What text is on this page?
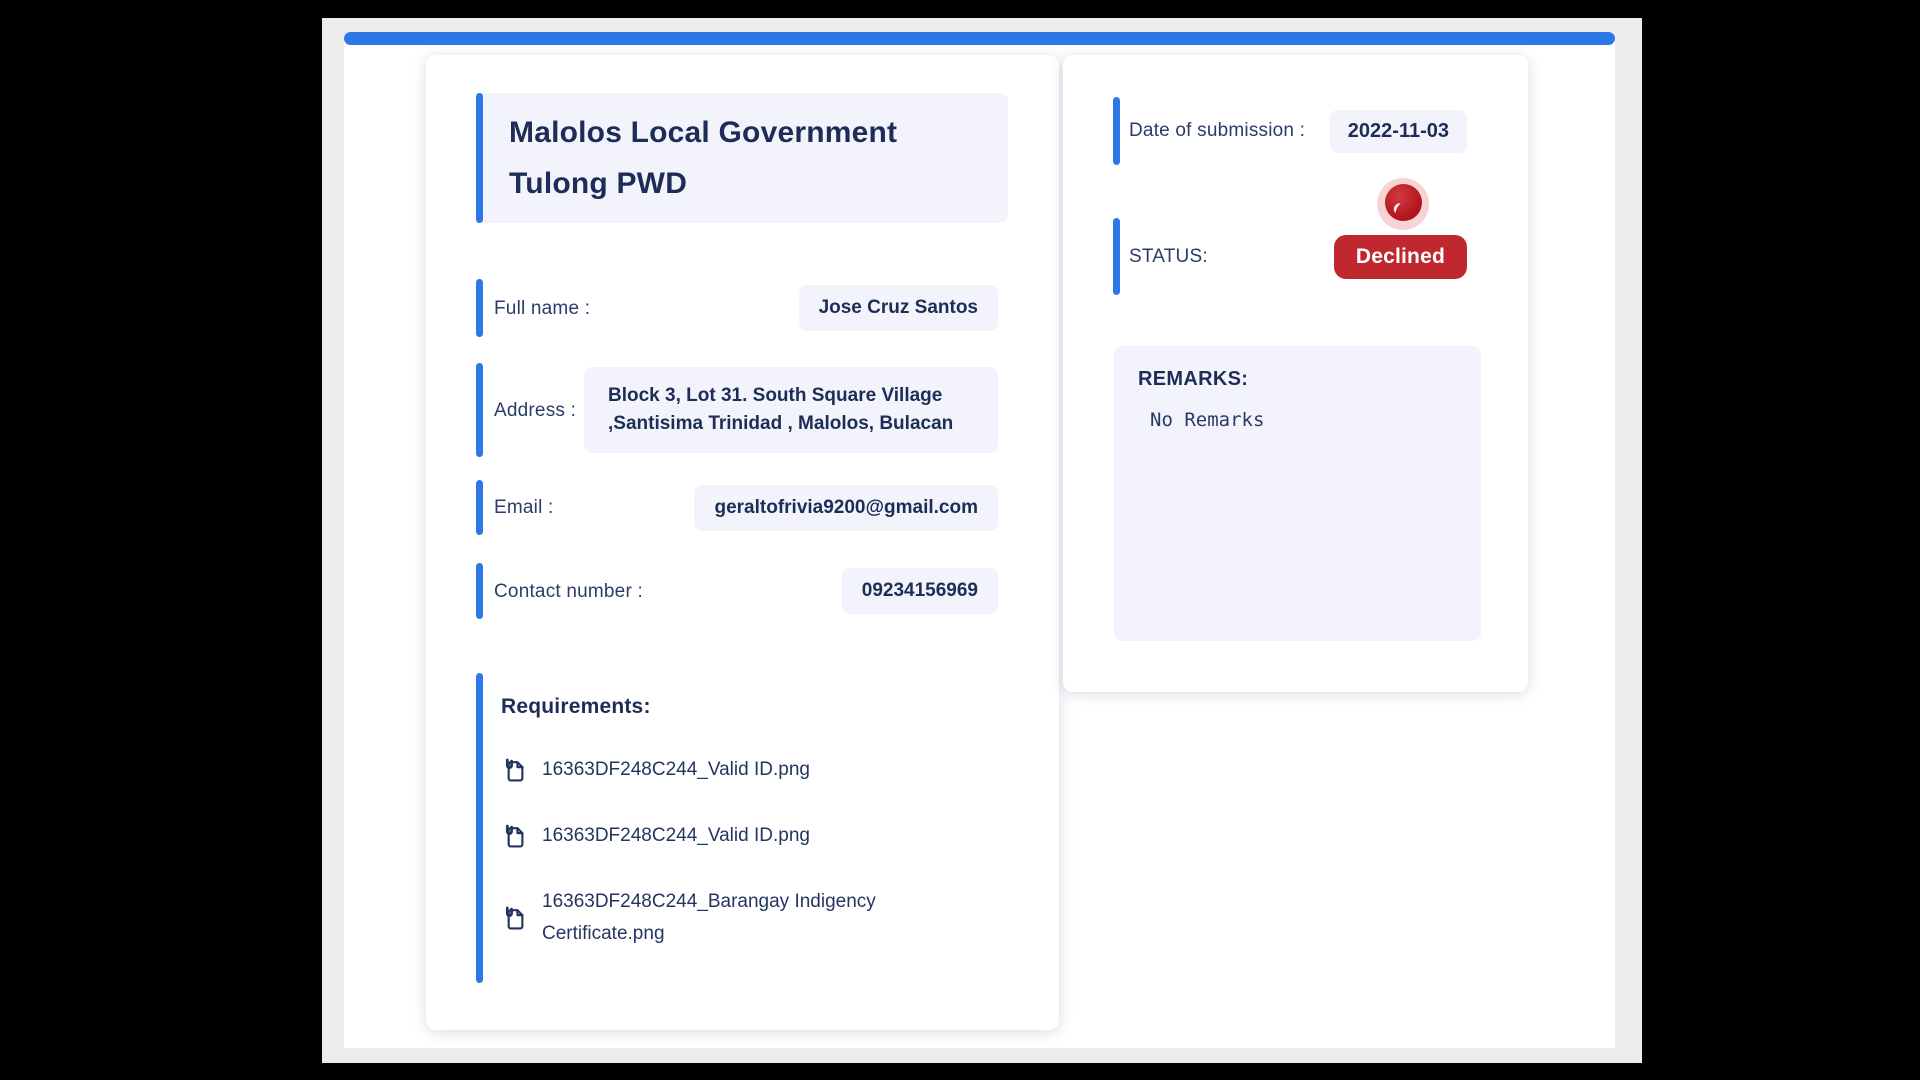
Malolos Local Government Tulong PWD
Full name :	Jose Cruz Santos
Address :
Block 3, Lot 31. South Square Village ,Santisima Trinidad , Malolos, Bulacan
Email :	geraltofrivia9200@gmail.com
Contact number :	09234156969
Requirements:
16363DF248C244_Valid ID.png
16363DF248C244_Valid ID.png
16363DF248C244_Barangay Indigency Certificate.png
Date of submission :	2022-11-03
STATUS:	Declined
REMARKS:
No Remarks
